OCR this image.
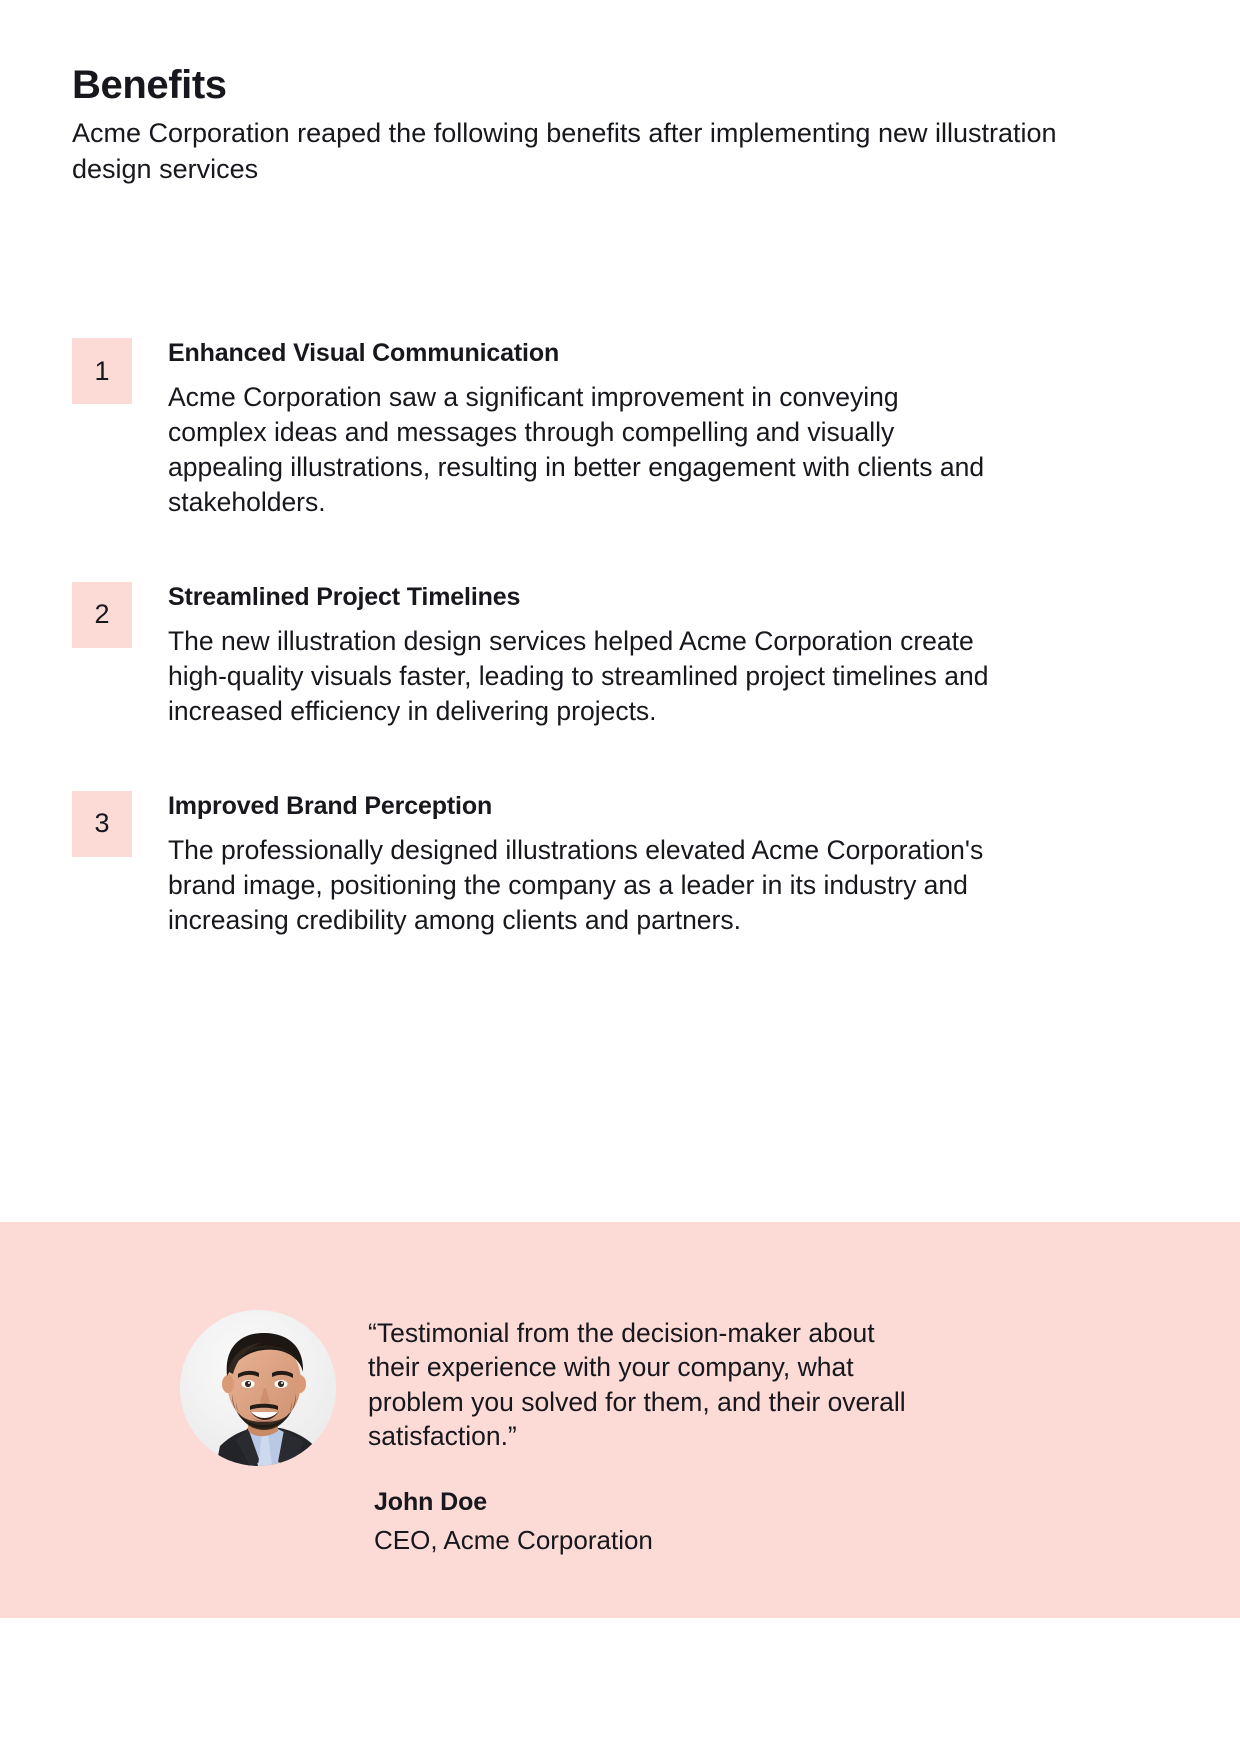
Benefits

Acme Corporation reaped the following benefits after implementing new illustration design services

1
Enhanced Visual Communication

Acme Corporation saw a significant improvement in conveying complex ideas and messages through compelling and visually appealing illustrations, resulting in better engagement with clients and stakeholders.

2
Streamlined Project Timelines

The new illustration design services helped Acme Corporation create high-quality visuals faster, leading to streamlined project timelines and increased efficiency in delivering projects.

3
Improved Brand Perception

The professionally designed illustrations elevated Acme Corporation's brand image, positioning the company as a leader in its industry and increasing credibility among clients and partners.

“Testimonial from the decision-maker about their experience with your company, what problem you solved for them, and their overall satisfaction.”

John Doe

CEO, Acme Corporation
